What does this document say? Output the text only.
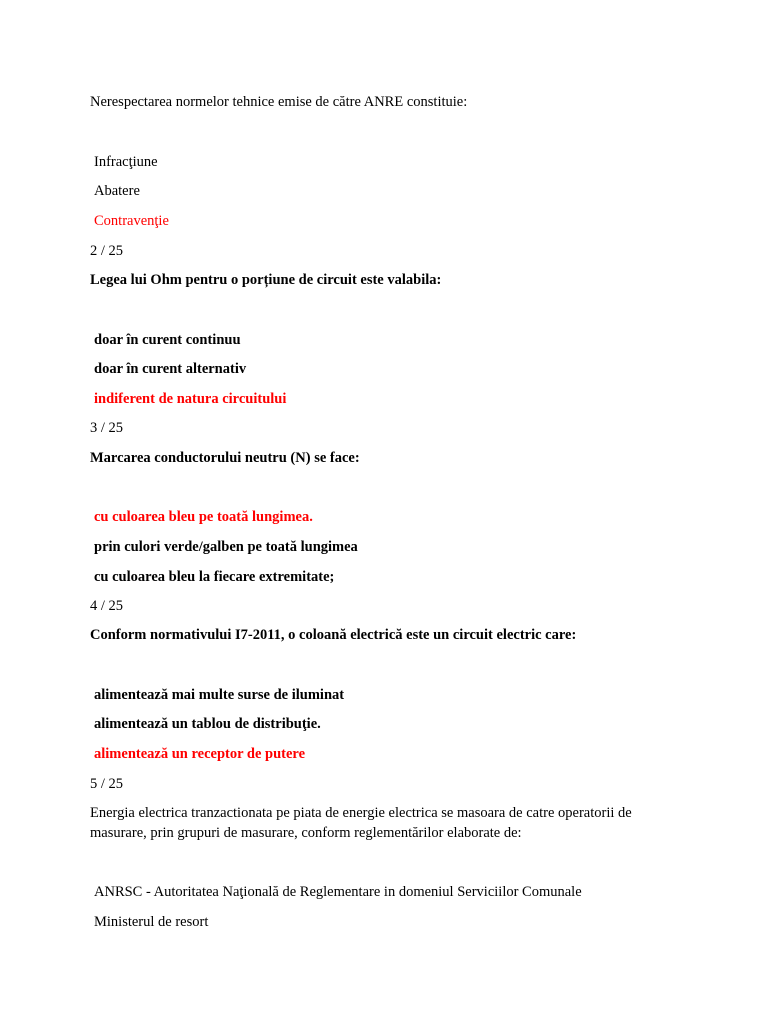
Nerespectarea normelor tehnice emise de către ANRE constituie:
Infracţiune
Abatere
Contravenţie
2 / 25
Legea lui Ohm pentru o porțiune de circuit este valabila:
doar în curent continuu
doar în curent alternativ
indiferent de natura circuitului
3 / 25
Marcarea conductorului neutru (N) se face:
cu culoarea bleu pe toată lungimea.
prin culori verde/galben pe toată lungimea
cu culoarea bleu la fiecare extremitate;
4 / 25
Conform normativului I7-2011, o coloană electrică este un circuit electric care:
alimentează mai multe surse de iluminat
alimentează un tablou de distribuţie.
alimentează un receptor de putere
5 / 25
Energia electrica tranzactionata pe piata de energie electrica se masoara de catre operatorii de masurare, prin grupuri de masurare, conform reglementărilor elaborate de:
ANRSC - Autoritatea Naţională de Reglementare in domeniul Serviciilor Comunale
Ministerul de resort
